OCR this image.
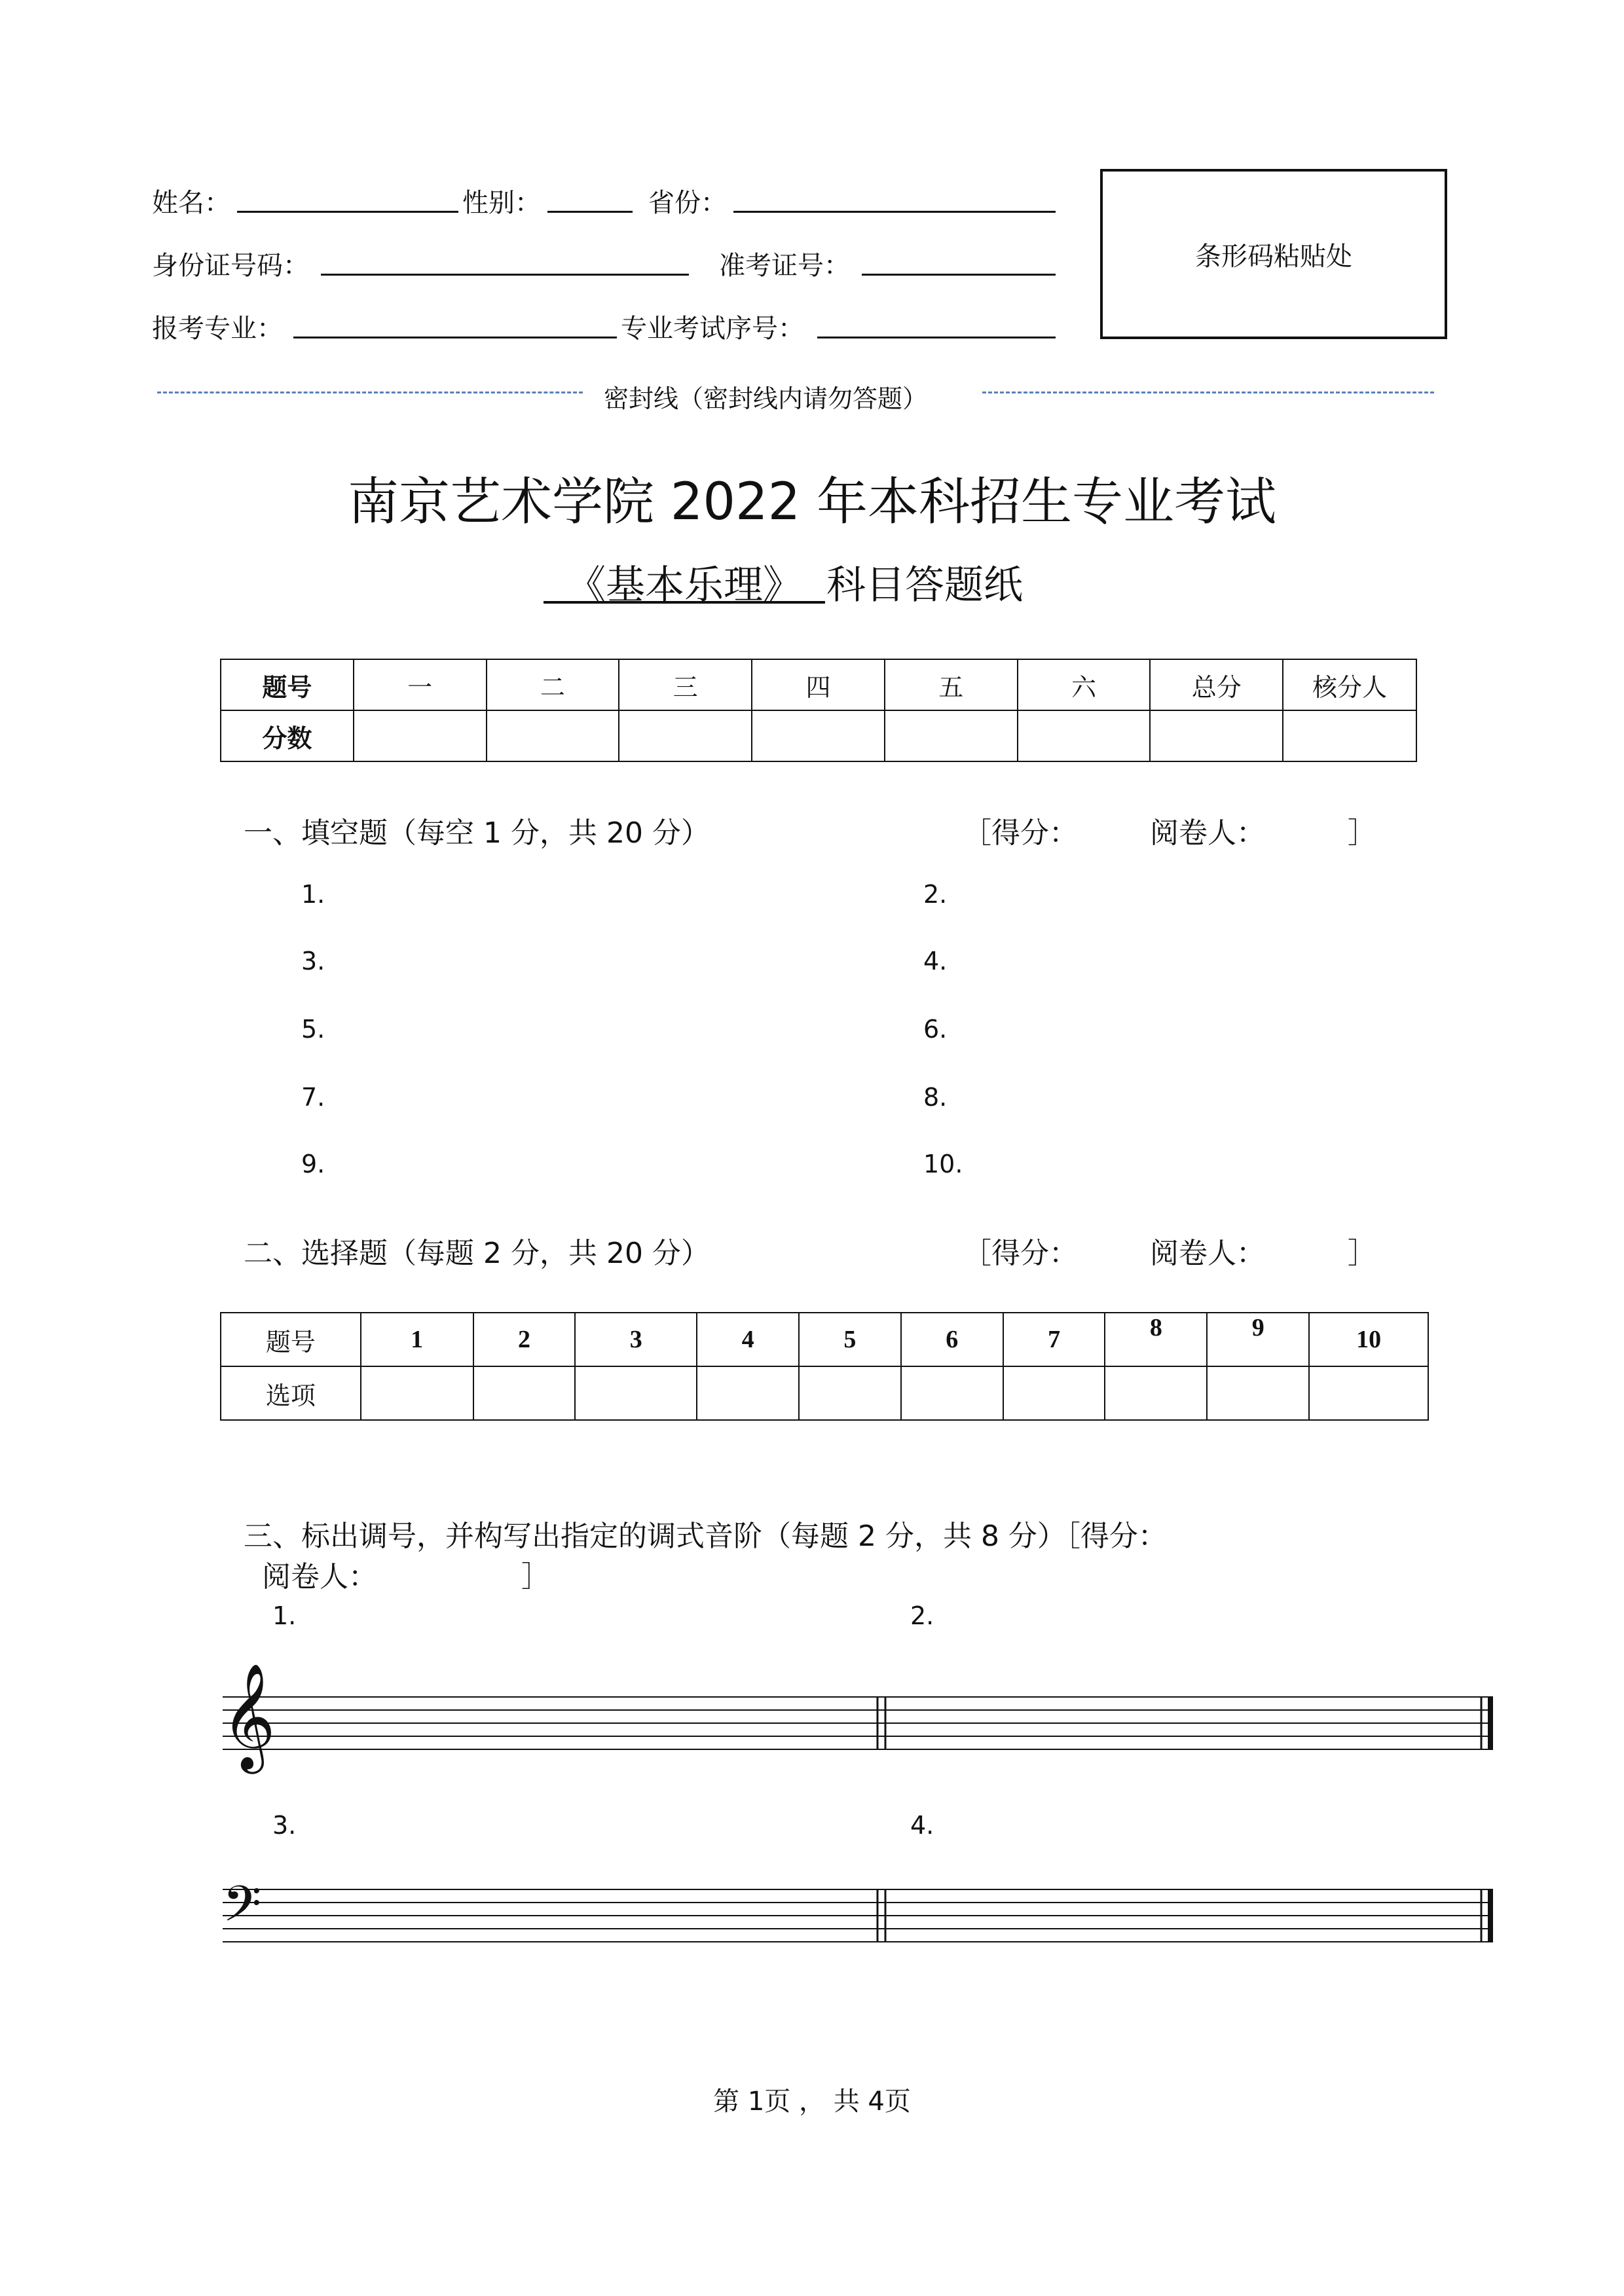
姓名：	性别：	省份：
身份证号码：	准考证号：
报考专业：	专业考试序号：
条形码粘贴处
密封线（密封线内请勿答题）
南京艺术学院 2022 年本科招生专业考试
《基本乐理》 科目答题纸
题号	一	二	三	四	五	六	总分	核分人
分数								
一、填空题（每空 1 分，共 20 分）	［得分：	阅卷人：	］
1.	2.
3.	4.
5.	6.
7.	8.
9.	10.
二、选择题（每题 2 分，共 20 分）	［得分：	阅卷人：	］
题号	1	2	3	4	5	6	7	8	9	10
选项										
三、标出调号，并构写出指定的调式音阶（每题 2 分，共 8 分）［得分：
阅卷人：	］
1.	2.
3.	4.
𝄞
𝄢
第 1页 ， 共 4页
